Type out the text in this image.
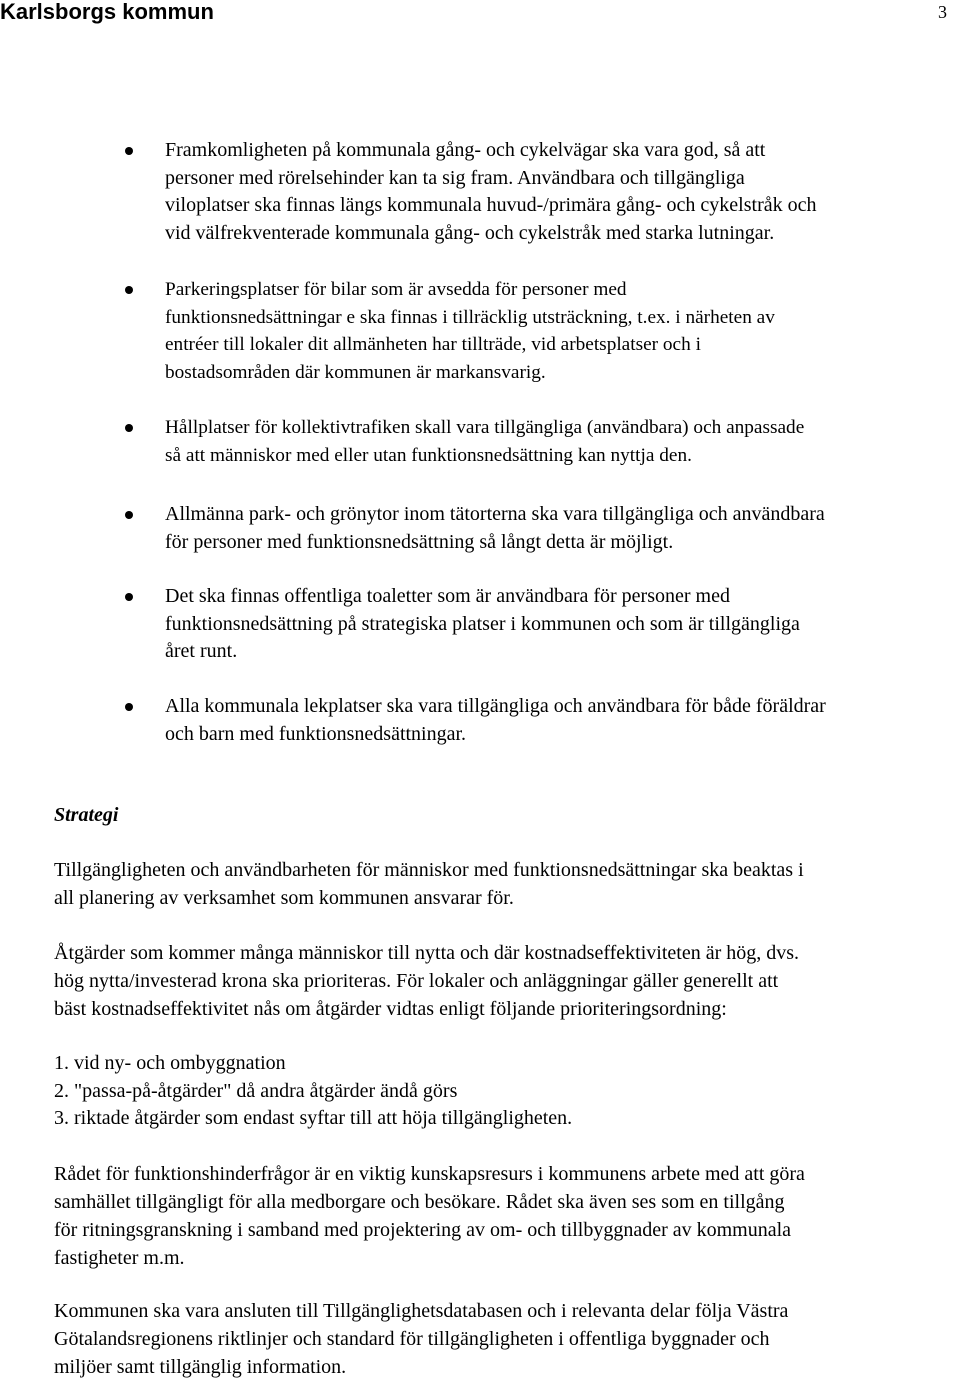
Karlsborgs kommun	3
Framkomligheten på kommunala gång- och cykelvägar ska vara god, så att
personer med rörelsehinder kan ta sig fram. Användbara och tillgängliga
viloplatser ska finnas längs kommunala huvud-/primära gång- och cykelstråk och
vid välfrekventerade kommunala gång- och cykelstråk med starka lutningar.
Parkeringsplatser för bilar som är avsedda för personer med
funktionsnedsättningar e ska finnas i tillräcklig utsträckning, t.ex. i närheten av
entréer till lokaler dit allmänheten har tillträde, vid arbetsplatser och i
bostadsområden där kommunen är markansvarig.
Hållplatser för kollektivtrafiken skall vara tillgängliga (användbara) och anpassade
så att människor med eller utan funktionsnedsättning kan nyttja den.
Allmänna park- och grönytor inom tätorterna ska vara tillgängliga och användbara
för personer med funktionsnedsättning så långt detta är möjligt.
Det ska finnas offentliga toaletter som är användbara för personer med
funktionsnedsättning på strategiska platser i kommunen och som är tillgängliga
året runt.
Alla kommunala lekplatser ska vara tillgängliga och användbara för både föräldrar
och barn med funktionsnedsättningar.
Strategi
Tillgängligheten och användbarheten för människor med funktionsnedsättningar ska beaktas i
all planering av verksamhet som kommunen ansvarar för.
Åtgärder som kommer många människor till nytta och där kostnadseffektiviteten är hög, dvs.
hög nytta/investerad krona ska prioriteras. För lokaler och anläggningar gäller generellt att
bäst kostnadseffektivitet nås om åtgärder vidtas enligt följande prioriteringsordning:
1. vid ny- och ombyggnation
2. "passa-på-åtgärder" då andra åtgärder ändå görs
3. riktade åtgärder som endast syftar till att höja tillgängligheten.
Rådet för funktionshinderfrågor är en viktig kunskapsresurs i kommunens arbete med att göra
samhället tillgängligt för alla medborgare och besökare. Rådet ska även ses som en tillgång
för ritningsgranskning i samband med projektering av om- och tillbyggnader av kommunala
fastigheter m.m.
Kommunen ska vara ansluten till Tillgänglighetsdatabasen och i relevanta delar följa Västra
Götalandsregionens riktlinjer och standard för tillgängligheten i offentliga byggnader och
miljöer samt tillgänglig information.
